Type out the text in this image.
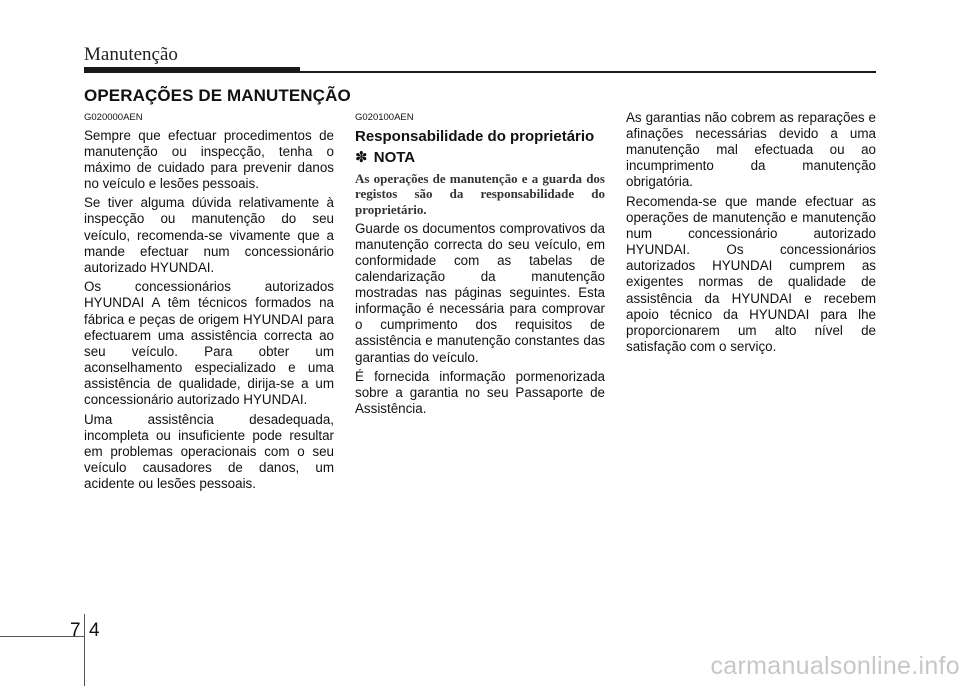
Manutenção
OPERAÇÕES DE MANUTENÇÃO

G020000AEN

Sempre que efectuar procedimentos de manutenção ou inspecção, tenha o máximo de cuidado para prevenir danos no veículo e lesões pessoais.

Se tiver alguma dúvida relativamente à inspecção ou manutenção do seu veículo, recomenda-se vivamente que a mande efectuar num concessionário autorizado HYUNDAI.

Os concessionários autorizados HYUNDAI A têm técnicos formados na fábrica e peças de origem HYUNDAI para efectuarem uma assistência correcta ao seu veículo. Para obter um aconselhamento especializado e uma assistência de qualidade, dirija-se a um concessionário autorizado HYUNDAI.

Uma assistência desadequada, incompleta ou insuficiente pode resultar em problemas operacionais com o seu veículo causadores de danos, um acidente ou lesões pessoais.

G020100AEN

Responsabilidade do proprietário

✽ NOTA

As operações de manutenção e a guarda dos registos são da responsabilidade do proprietário.

Guarde os documentos comprovativos da manutenção correcta do seu veículo, em conformidade com as tabelas de calendarização da manutenção mostradas nas páginas seguintes. Esta informação é necessária para comprovar o cumprimento dos requisitos de assistência e manutenção constantes das garantias do veículo.

É fornecida informação pormenorizada sobre a garantia no seu Passaporte de Assistência.

As garantias não cobrem as reparações e afinações necessárias devido a uma manutenção mal efectuada ou ao incumprimento da manutenção obrigatória.

Recomenda-se que mande efectuar as operações de manutenção e manutenção num concessionário autorizado HYUNDAI. Os concessionários autorizados HYUNDAI cumprem as exigentes normas de qualidade de assistência da HYUNDAI e recebem apoio técnico da HYUNDAI para lhe proporcionarem um alto nível de satisfação com o serviço.

7 4

carmanualsonline.info
